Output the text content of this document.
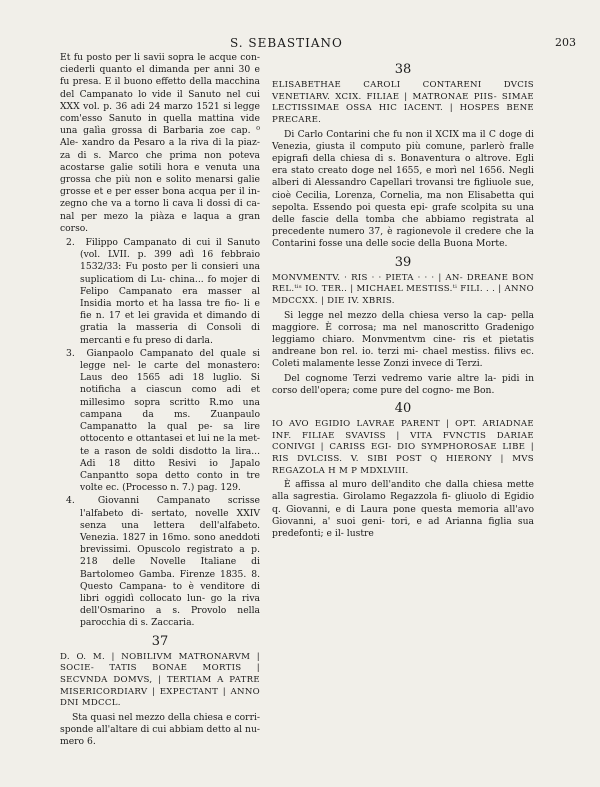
S. SEBASTIANO	203

Et fu posto per li savii sopra le acque con- ciederli quanto el dimanda per anni 30 e fu presa. E il buono effetto della macchina del Campanato lo vide il Sanuto nel cui XXX vol. p. 36 adi 24 marzo 1521 si legge com'esso Sanuto in quella mattina vide una galìa grossa di Barbaria zoe cap. ⁰ Ale- xandro da Pesaro a la riva di la piaz- za di s. Marco che prima non poteva acostarse galie sotili hora e venuta una grossa che più non e solito menarsi galie grosse et e per esser bona acqua per il in- zegno che va a torno li cava li dossi di ca- nal per mezo la piàza e laqua a gran corso.

2. Filippo Campanato di cui il Sanuto (vol. LVII. p. 399 adì 16 febbraio 1532/33: Fu posto per li consieri una suplicatiom di Lu- china... fo mojer di Felipo Campanato era masser al Insidia morto et ha lassa tre fio- li e fie n. 17 et lei gravida et dimando di gratia la masseria di Consoli di mercanti e fu preso di darla.

3. Gianpaolo Campanato del quale si legge nel- le carte del monastero: Laus deo 1565 adi 18 luglio. Si notificha a ciascun como adi et millesimo sopra scritto R.mo una campana da ms. Zuanpaulo Campanatto la qual pe- sa lire ottocento e ottantasei et lui ne la met- te a rason de soldi disdotto la lira... Adi 18 ditto Resivi io Japalo Canpantto sopa detto conto in tre volte ec. (Processo n. 7.) pag. 129.

4.	Giovanni Campanato scrisse l'alfabeto di- sertato, novelle XXIV senza una lettera dell'alfabeto. Venezia. 1827 in 16mo. sono aneddoti brevissimi. Opuscolo registrato a p. 218 delle Novelle Italiane di Bartolomeo Gamba. Firenze 1835. 8. Questo Campana- to è venditore di libri oggidì collocato lun- go la riva dell'Osmarino a s. Provolo nella parocchia di s. Zaccaria.

37

D. O. M. | NOBILIVM MATRONARVM | SOCIE- TATIS BONAE MORTIS | SECVNDA DOMVS, | TERTIAM A PATRE MISERICORDIARV | EXPECTANT | ANNO DNI MDCCL.

Sta quasi nel mezzo della chiesa e corri- sponde all'altare di cui abbiam detto al nu- mero 6.

38

ELISABETHAE CAROLI CONTARENI DVCIS VENETIARV. XCIX. FILIAE | MATRONAE PIIS- SIMAE LECTISSIMAE OSSA HIC IACENT. | HOSPES BENE PRECARE.

Di Carlo Contarini che fu non il XCIX ma il C doge di Venezia, giusta il computo più comune, parlerò fralle epigrafi della chiesa di s. Bonaventura o altrove. Egli era stato creato doge nel 1655, e morì nel 1656. Negli alberi di Alessandro Capellari trovansi tre figliuole sue, cioè Cecilia, Lorenza, Cornelia, ma non Elisabetta qui sepolta. Essendo poi questa epi- grafe scolpita su una delle fascie della tomba che abbiamo registrata al precedente numero 37, è ragionevole il credere che la Contarini fosse una delle socie della Buona Morte.

39

MONVMENTV. · RIS · · PIETA · · · | AN- DREANE BON REL.ᵗⁱˢ IO. TER.. | MICHAEL MESTISS.ᵗⁱ FILI. . . | ANNO MDCCXX. | DIE IV. XBRIS.

Si legge nel mezzo della chiesa verso la cap- pella maggiore. È corrosa; ma nel manoscritto Gradenigo leggiamo chiaro. Monvmentvm cine- ris et pietatis andreane bon rel. io. terzi mi- chael mestiss. filivs ec. Coleti malamente lesse Zonzi invece di Terzi.

Del cognome Terzi vedremo varie altre la- pidi in corso dell'opera; come pure del cogno- me Bon.

40

IO AVO EGIDIO LAVRAE PARENT | OPT. ARIADNAE INF. FILIAE SVAVISS | VITA FVNCTIS DARIAE CONIVGI | CARISS EGI- DIO SYMPHOROSAE LIBE | RIS DVLCISS. V. SIBI POST Q HIERONY | MVS REGAZOLA H M P MDXLVIII.

È affissa al muro dell'andito che dalla chiesa mette alla sagrestia. Girolamo Regazzola fi- gliuolo di Egidio q. Giovanni, e di Laura pone questa memoria all'avo Giovanni, a' suoi geni- tori, e ad Arianna figlia sua predefonti; e il- lustre
